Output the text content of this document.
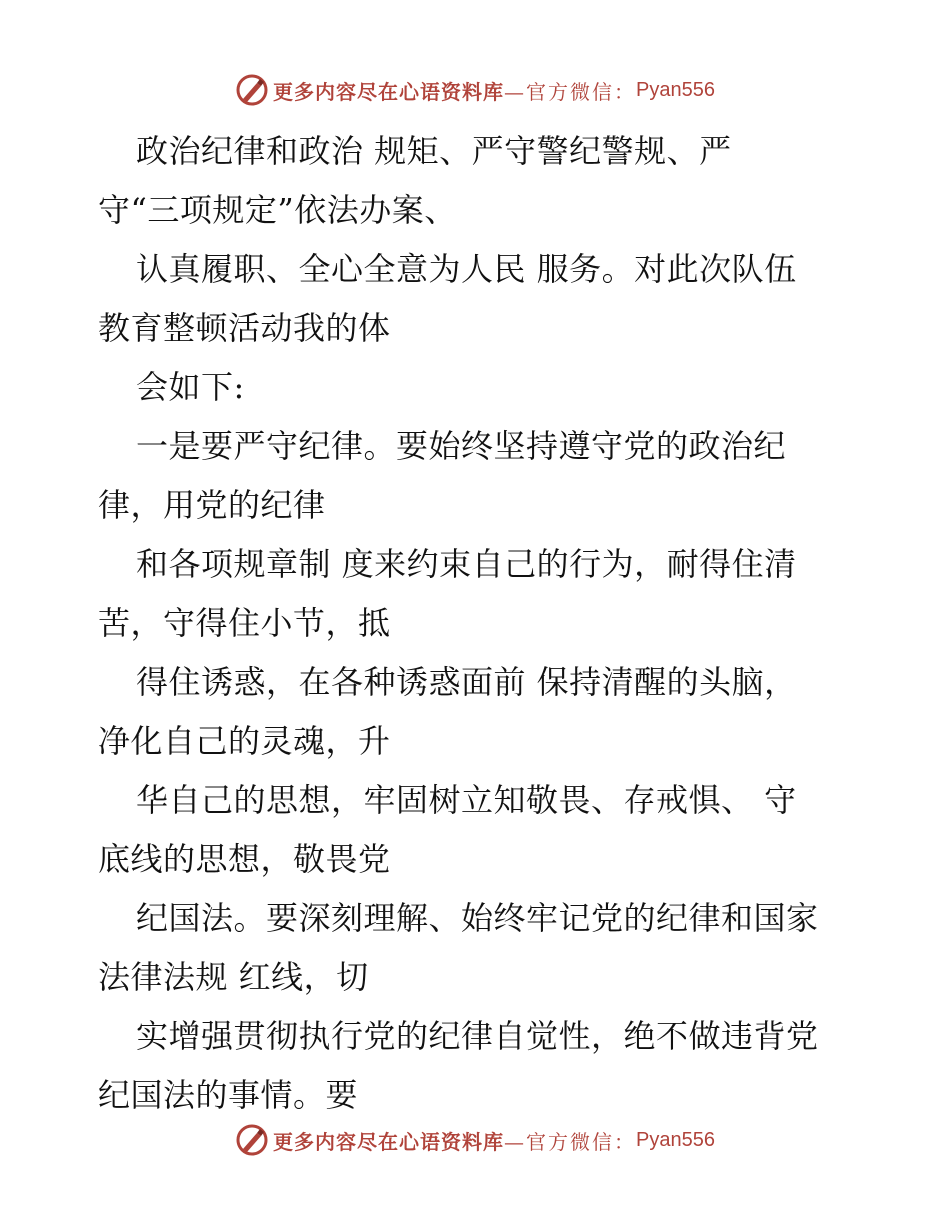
更多内容尽在心语资料库 —官方微信： Pyan556
政治纪律和政治 规矩、严守警纪警规、严
守“三项规定”依法办案、
认真履职、全心全意为人民 服务。对此次队伍
教育整顿活动我的体
会如下:
一是要严守纪律。要始终坚持遵守党的政治纪
律，用党的纪律
和各项规章制 度来约束自己的行为，耐得住清
苦，守得住小节，抵
得住诱惑，在各种诱惑面前 保持清醒的头脑，
净化自己的灵魂，升
华自己的思想，牢固树立知敬畏、存戒惧、 守
底线的思想，敬畏党
纪国法。要深刻理解、始终牢记党的纪律和国家
法律法规 红线，切
实增强贯彻执行党的纪律自觉性，绝不做违背党
纪国法的事情。要
更多内容尽在心语资料库 —官方微信： Pyan556
